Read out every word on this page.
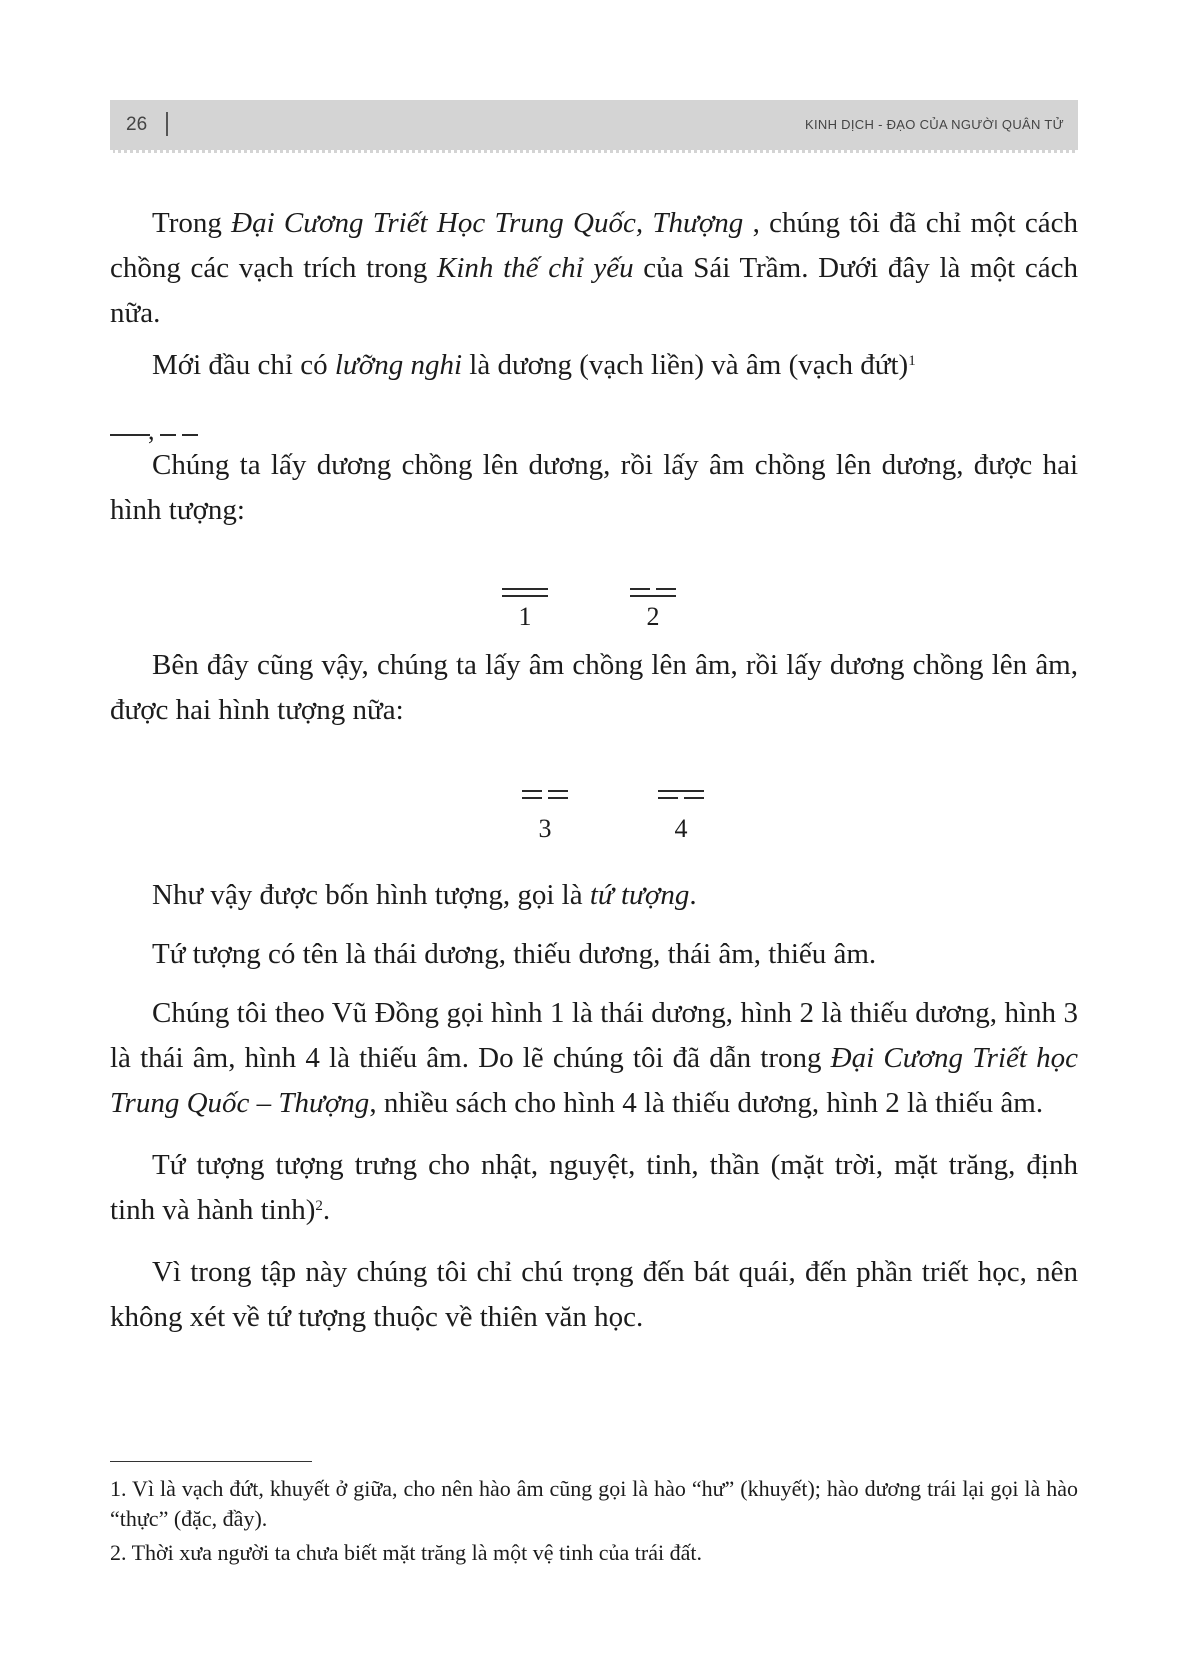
26	KINH DỊCH - ĐẠO CỦA NGƯỜI QUÂN TỬ

Trong Đại Cương Triết Học Trung Quốc, Thượng , chúng tôi đã chỉ một cách chồng các vạch trích trong Kinh thế chỉ yếu của Sái Trầm. Dưới đây là một cách nữa.

Mới đầu chỉ có lưỡng nghi là dương (vạch liền) và âm (vạch đứt)$^1$

,

Chúng ta lấy dương chồng lên dương, rồi lấy âm chồng lên dương, được hai hình tượng:

1	2

Bên đây cũng vậy, chúng ta lấy âm chồng lên âm, rồi lấy dương chồng lên âm, được hai hình tượng nữa:

3	4

Như vậy được bốn hình tượng, gọi là tứ tượng.

Tứ tượng có tên là thái dương, thiếu dương, thái âm, thiếu âm.

Chúng tôi theo Vũ Đồng gọi hình 1 là thái dương, hình 2 là thiếu dương, hình 3 là thái âm, hình 4 là thiếu âm. Do lẽ chúng tôi đã dẫn trong Đại Cương Triết học Trung Quốc – Thượng, nhiều sách cho hình 4 là thiếu dương, hình 2 là thiếu âm.

Tứ tượng tượng trưng cho nhật, nguyệt, tinh, thần (mặt trời, mặt trăng, định tinh và hành tinh)$^2$.

Vì trong tập này chúng tôi chỉ chú trọng đến bát quái, đến phần triết học, nên không xét về tứ tượng thuộc về thiên văn học.

1. Vì là vạch đứt, khuyết ở giữa, cho nên hào âm cũng gọi là hào “hư” (khuyết); hào dương trái lại gọi là hào “thực” (đặc, đầy).

2. Thời xưa người ta chưa biết mặt trăng là một vệ tinh của trái đất.
